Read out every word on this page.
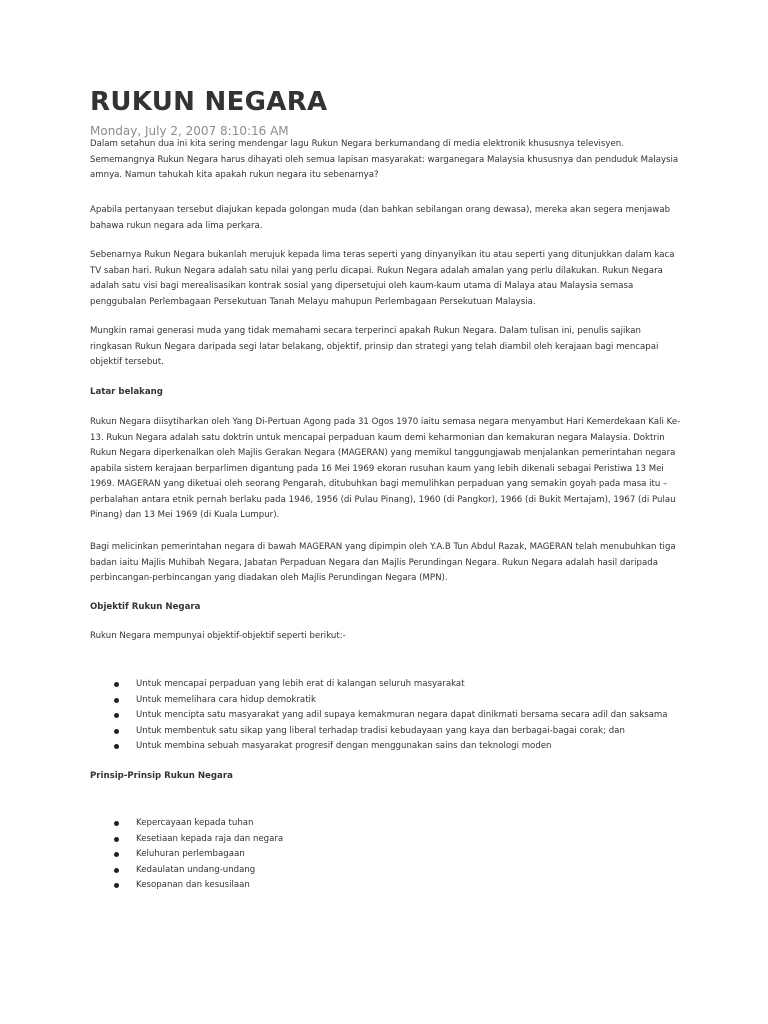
RUKUN NEGARA
Monday, July 2, 2007 8:10:16 AM

Dalam setahun dua ini kita sering mendengar lagu Rukun Negara berkumandang di media elektronik khususnya televisyen. Sememangnya Rukun Negara harus dihayati oleh semua lapisan masyarakat: warganegara Malaysia khususnya dan penduduk Malaysia amnya. Namun tahukah kita apakah rukun negara itu sebenarnya?

Apabila pertanyaan tersebut diajukan kepada golongan muda (dan bahkan sebilangan orang dewasa), mereka akan segera menjawab bahawa rukun negara ada lima perkara.

Sebenarnya Rukun Negara bukanlah merujuk kepada lima teras seperti yang dinyanyikan itu atau seperti yang ditunjukkan dalam kaca TV saban hari. Rukun Negara adalah satu nilai yang perlu dicapai. Rukun Negara adalah amalan yang perlu dilakukan. Rukun Negara adalah satu visi bagi merealisasikan kontrak sosial yang dipersetujui oleh kaum-kaum utama di Malaya atau Malaysia semasa penggubalan Perlembagaan Persekutuan Tanah Melayu mahupun Perlembagaan Persekutuan Malaysia.

Mungkin ramai generasi muda yang tidak memahami secara terperinci apakah Rukun Negara. Dalam tulisan ini, penulis sajikan ringkasan Rukun Negara daripada segi latar belakang, objektif, prinsip dan strategi yang telah diambil oleh kerajaan bagi mencapai objektif tersebut.

Latar belakang

Rukun Negara diisytiharkan oleh Yang Di-Pertuan Agong pada 31 Ogos 1970 iaitu semasa negara menyambut Hari Kemerdekaan Kali Ke-13. Rukun Negara adalah satu doktrin untuk mencapai perpaduan kaum demi keharmonian dan kemakuran negara Malaysia. Doktrin Rukun Negara diperkenalkan oleh Majlis Gerakan Negara (MAGERAN) yang memikul tanggungjawab menjalankan pemerintahan negara apabila sistem kerajaan berparlimen digantung pada 16 Mei 1969 ekoran rusuhan kaum yang lebih dikenali sebagai Peristiwa 13 Mei 1969. MAGERAN yang diketuai oleh seorang Pengarah, ditubuhkan bagi memulihkan perpaduan yang semakin goyah pada masa itu – perbalahan antara etnik pernah berlaku pada 1946, 1956 (di Pulau Pinang), 1960 (di Pangkor), 1966 (di Bukit Mertajam), 1967 (di Pulau Pinang) dan 13 Mei 1969 (di Kuala Lumpur).

Bagi melicinkan pemerintahan negara di bawah MAGERAN yang dipimpin oleh Y.A.B Tun Abdul Razak, MAGERAN telah menubuhkan tiga badan iaitu Majlis Muhibah Negara, Jabatan Perpaduan Negara dan Majlis Perundingan Negara. Rukun Negara adalah hasil daripada perbincangan-perbincangan yang diadakan oleh Majlis Perundingan Negara (MPN).

Objektif Rukun Negara

Rukun Negara mempunyai objektif-objektif seperti berikut:-

Untuk mencapai perpaduan yang lebih erat di kalangan seluruh masyarakat
Untuk memelihara cara hidup demokratik
Untuk mencipta satu masyarakat yang adil supaya kemakmuran negara dapat dinikmati bersama secara adil dan saksama
Untuk membentuk satu sikap yang liberal terhadap tradisi kebudayaan yang kaya dan berbagai-bagai corak; dan
Untuk membina sebuah masyarakat progresif dengan menggunakan sains dan teknologi moden
Prinsip-Prinsip Rukun Negara
Kepercayaan kepada tuhan
Kesetiaan kepada raja dan negara
Keluhuran perlembagaan
Kedaulatan undang-undang
Kesopanan dan kesusilaan
